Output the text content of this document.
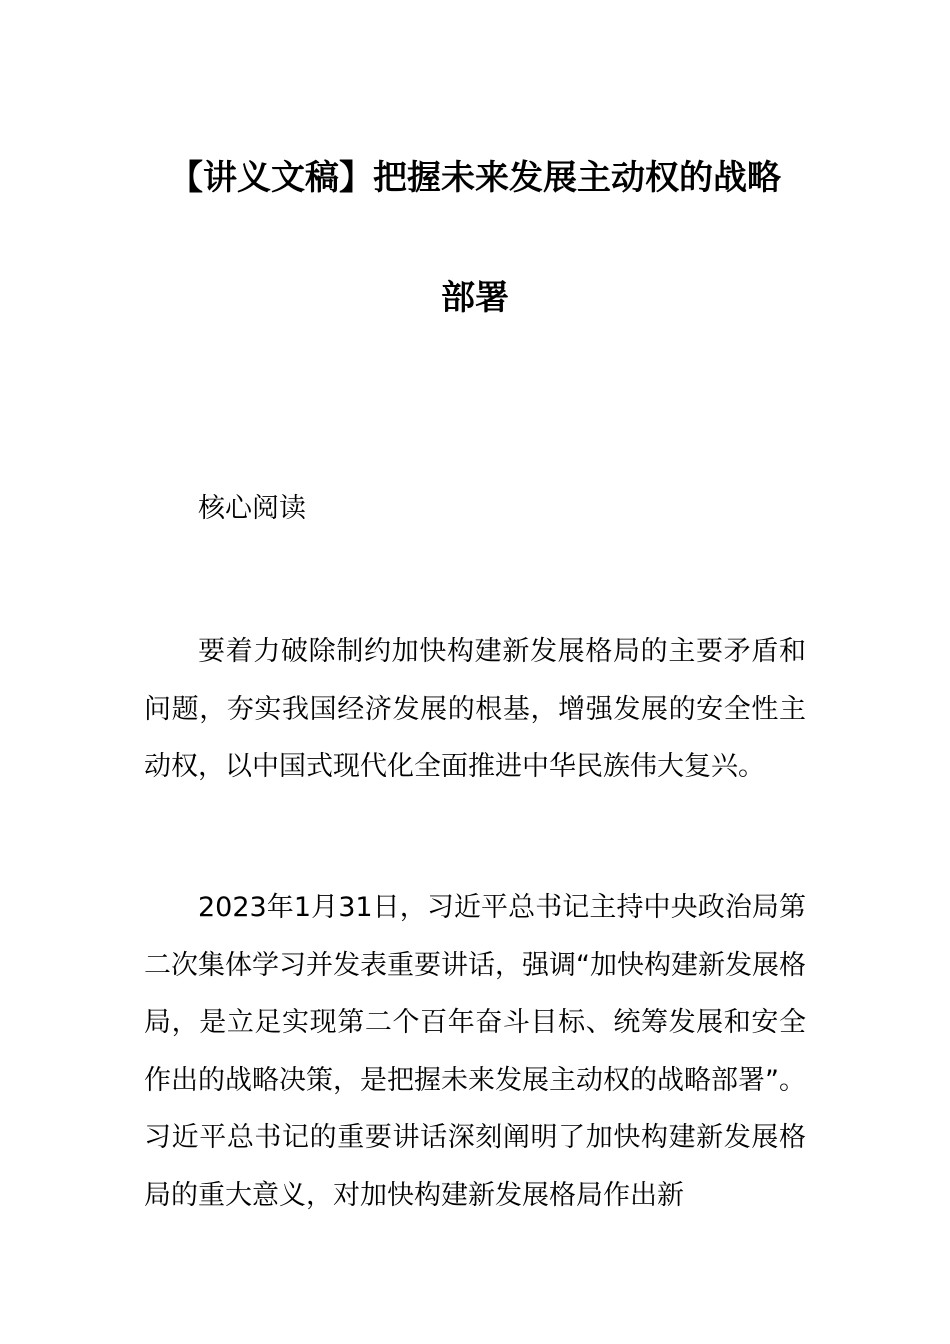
【讲义文稿】把握未来发展主动权的战略
部署

核心阅读

要着力破除制约加快构建新发展格局的主要矛盾和问题，夯实我国经济发展的根基，增强发展的安全性主动权，以中国式现代化全面推进中华民族伟大复兴。

2023年1月31日，习近平总书记主持中央政治局第二次集体学习并发表重要讲话，强调“加快构建新发展格局，是立足实现第二个百年奋斗目标、统筹发展和安全作出的战略决策，是把握未来发展主动权的战略部署”。习近平总书记的重要讲话深刻阐明了加快构建新发展格局的重大意义，对加快构建新发展格局作出新
